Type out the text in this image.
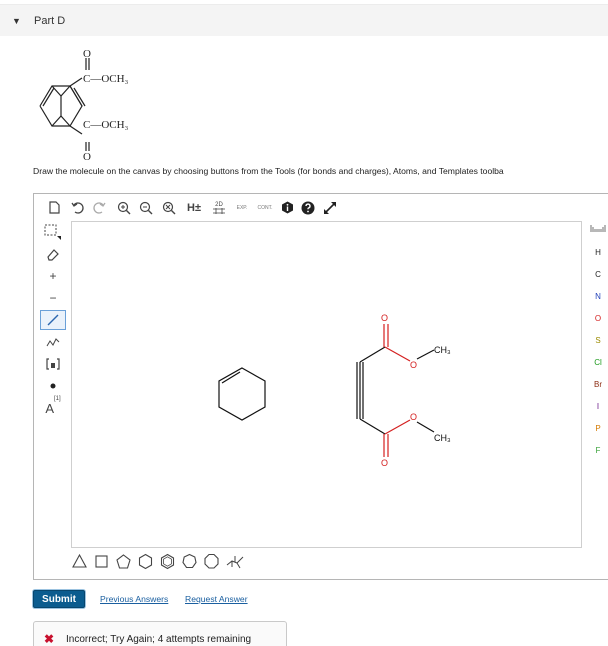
▼ Part D
O
C—OCH₃
C—OCH₃
O
Draw the molecule on the canvas by choosing buttons from the Tools (for bonds and charges), Atoms, and Templates toolba
H±	2D	EXP.	CONT.
+
−
A
[1]
O
O
CH₃
O
O
CH₃
H
C
N
O
S
Cl
Br
I
P
F
Submit	Previous Answers Request Answer
✖ Incorrect; Try Again; 4 attempts remaining
